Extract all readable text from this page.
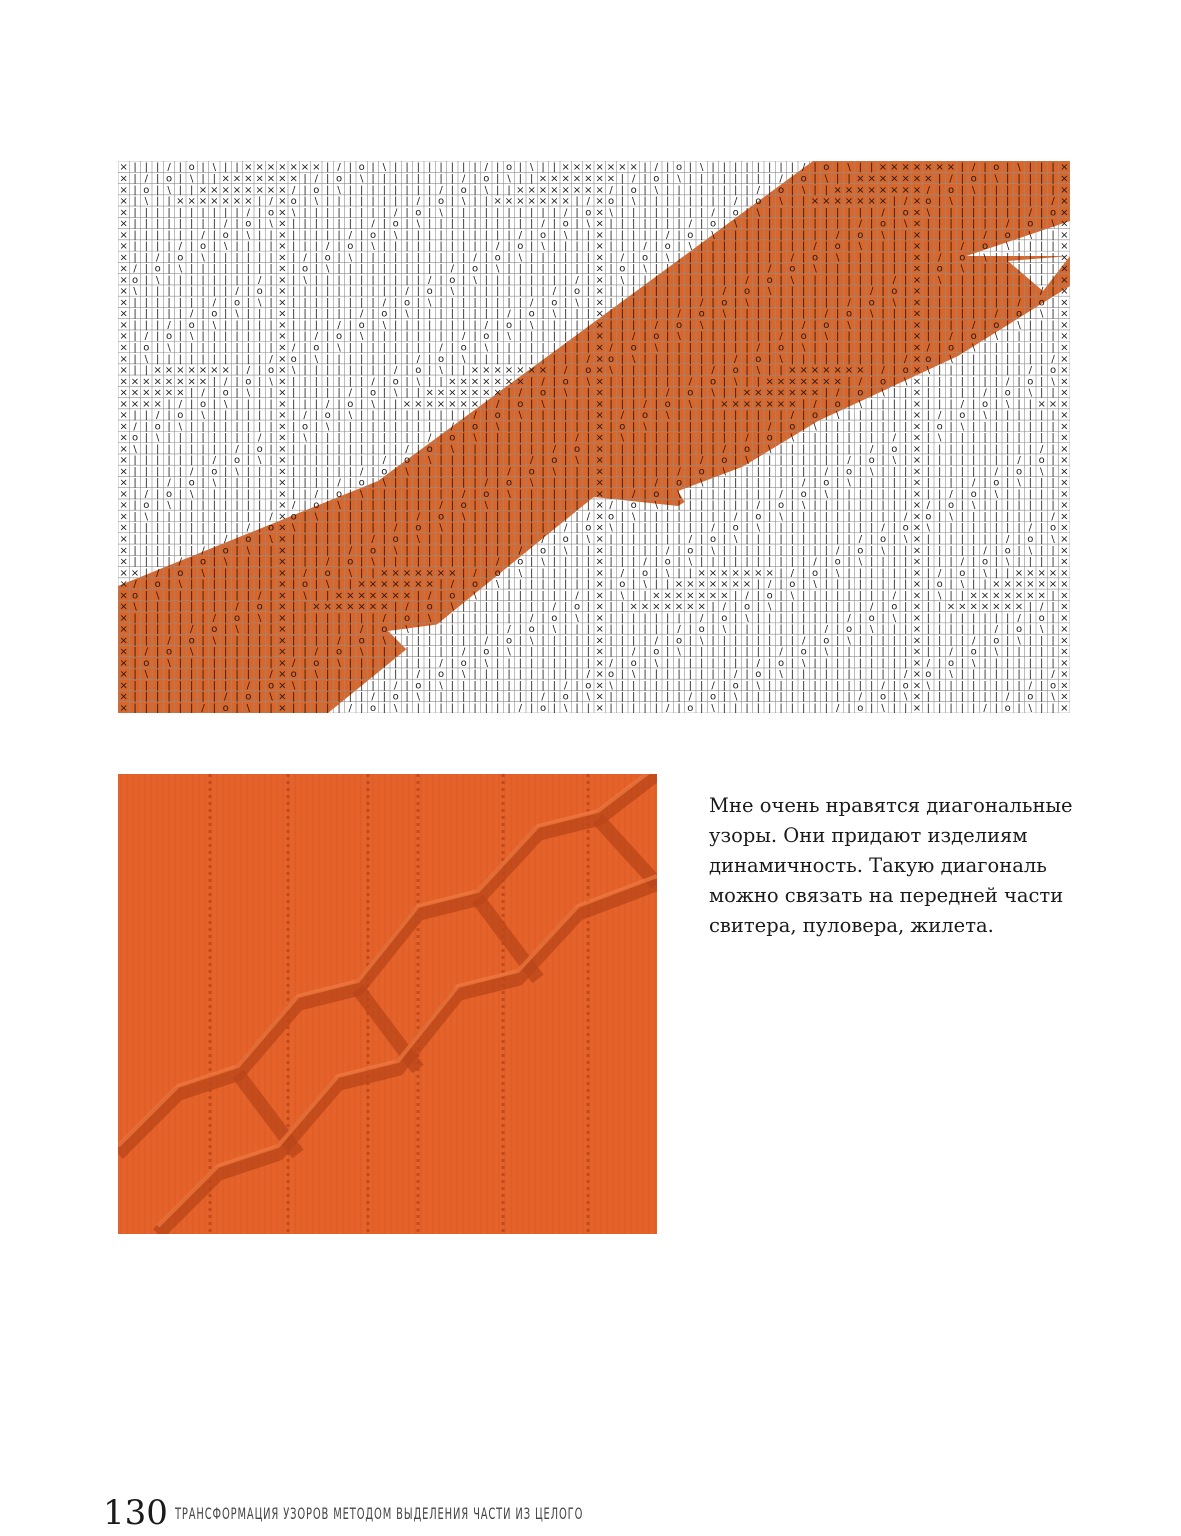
× | | | / | o | \ | | × × × × × × × | / | o | \ | | | | | | | | / | o | \ | | × × × × × × × | / | o | \ | | | | | | | | / | o | \ | | × × × × × × × | / | o | \ | | | ×
× | / | o | \ | | × × × × × × × | / | o | \ | | | | | | | | / | o | \ | | × × × × × × × | / | o | \ | | | | | | | | / | o | \ | | × × × × × × × | / | o | \ | | | | | ×
× | o | \ | | × × × × × × × × / | o | \ | | | | | | | | / | o | \ | | × × × × × × × × / | o | \ | | | | | | | | / | o | \ | | × × × × × × × × / | o | \ | | | | | | | ×
× | \ | | × × × × × × × | / × o | \ | | | | | | | | / | o | \ | | × × × × × × × | / × o | \ | | | | | | | | / | o | \ | | × × × × × × × | / × o | \ | | | | | | | | / ×
× | | | | | | | | | | / | o × \ | | | | | | | | / | o | \ | | | | | | | | | | / | o × \ | | | | | | | | / | o | \ | | | | | | | | | | / | o × \ | | | | | | | | / | o ×
× | | | | | | | | / | o | \ × | | | | | | | / | o | \ | | | | | | | | | | / | o | \ × | | | | | | | / | o | \ | | | | | | | | | | / | o | \ × | | | | | | | / | o | \ ×
× | | | | | | / | o | \ | | × | | | | | / | o | \ | | | | | | | | | | / | o | \ | | × | | | | | / | o | \ | | | | | | | | | | / | o | \ | | × | | | | | / | o | \ | | ×
× | | | | / | o | \ | | | | × | | | / | o | \ | | | | | | | | | | / | o | \ | | | | × | | | / | o | \ | | | | | | | | | | / | o | \ | | | | × | | | / | o | \ | | | | ×
× | | / | o | \ | | | | | | × | / | o | \ | | | | | | | | | | / | o | \ | | | | | | × | / | o | \ | | | | | | | | | | / | o | \ | | | | | | × | / | o | \ | | | | | | ×
× / | o | \ | | | | | | | | × | o | \ | | | | | | | | | | / | o | \ | | | | | | | | × | o | \ | | | | | | | | | | / | o | \ | | | | | | | | × | o | \ | | | | | | | | ×
× o | \ | | | | | | | | / | × | \ | | | | | | | | | | / | o | \ | | | | | | | | / | × | \ | | | | | | | | | | / | o | \ | | | | | | | | / | × | \ | | | | | | | | | | ×
× \ | | | | | | | | / | o | × | | | | | | | | | | / | o | \ | | | | | | | | / | o | × | | | | | | | | | | / | o | \ | | | | | | | | / | o | × | | | | | | | | | | / | ×
× | | | | | | | / | o | \ | × | | | | | | | | / | o | \ | | | | | | | | / | o | \ | × | | | | | | | | / | o | \ | | | | | | | | / | o | \ | × | | | | | | | | / | o | ×
× | | | | | / | o | \ | | | × | | | | | | / | o | \ | | | | | | | | / | o | \ | | | × | | | | | | / | o | \ | | | | | | | | / | o | \ | | | × | | | | | | / | o | \ | ×
× | | | / | o | \ | | | | | × | | | | / | o | \ | | | | | | | | / | o | \ | | | | | × | | | | / | o | \ | | | | | | | | / | o | \ | | | | | × | | | | / | o | \ | | | ×
× | / | o | \ | | | | | | | × | | / | o | \ | | | | | | | | / | o | \ | | | | | | | × | | / | o | \ | | | | | | | | / | o | \ | | | | | | | × | | / | o | \ | | | | | ×
× | o | \ | | | | | | | | | × / | o | \ | | | | | | | | / | o | \ | | | | | | | | | × / | o | \ | | | | | | | | / | o | \ | | | | | | | | | × / | o | \ | | | | | | | ×
× | \ | | | | | | | | | | / × o | \ | | | | | | | | / | o | \ | | | | | | | | | | / × o | \ | | | | | | | | / | o | \ | | | | | | | | | | / × o | \ | | | | | | | | / ×
× | | × × × × × × × | / | o × \ | | | | | | | | / | o | \ | | × × × × × × × | / | o × \ | | | | | | | | / | o | \ | | × × × × × × × | / | o × \ | | | | | | | | / | o ×
× × × × × × × × | / | o | \ × | | | | | | | / | o | \ | | × × × × × × × | / | o | \ × | | | | | | | / | o | \ | | × × × × × × × | / | o | \ × | | | | | | | / | o | \ ×
× × × × × × | / | o | \ | | × | | | | | / | o | \ | | × × × × × × × | / | o | \ | | × | | | | | / | o | \ | | × × × × × × × | / | o | \ | | × | | | | | / | o | \ | | ×
× × × × | / | o | \ | | | | × | | | / | o | \ | | × × × × × × × | / | o | \ | | | | × | | | / | o | \ | | × × × × × × × | / | o | \ | | | | × | | | / | o | \ | | × × ×
× | | / | o | \ | | | | | | × | / | o | \ | | | | | | | | | | / | o | \ | | | | | | × | / | o | \ | | | | | | | | | | / | o | \ | | | | | | × | / | o | \ | | | | | | ×
× / | o | \ | | | | | | | | × | o | \ | | | | | | | | | | / | o | \ | | | | | | | | × | o | \ | | | | | | | | | | / | o | \ | | | | | | | | × | o | \ | | | | | | | | ×
× o | \ | | | | | | | | / | × | \ | | | | | | | | | | / | o | \ | | | | | | | | / | × | \ | | | | | | | | | | / | o | \ | | | | | | | | / | × | \ | | | | | | | | | | ×
× \ | | | | | | | | / | o | × | | | | | | | | | | / | o | \ | | | | | | | | / | o | × | | | | | | | | | | / | o | \ | | | | | | | | / | o | × | | | | | | | | | | / | ×
× | | | | | | | / | o | \ | × | | | | | | | | / | o | \ | | | | | | | | / | o | \ | × | | | | | | | | / | o | \ | | | | | | | | / | o | \ | × | | | | | | | | / | o | ×
× | | | | | / | o | \ | | | × | | | | | | / | o | \ | | | | | | | | / | o | \ | | | × | | | | | | / | o | \ | | | | | | | | / | o | \ | | | × | | | | | | / | o | \ | ×
× | | | / | o | \ | | | | | × | | | | / | o | \ | | | | | | | | / | o | \ | | | | | × | | | | / | o | \ | | | | | | | | / | o | \ | | | | | × | | | | / | o | \ | | | ×
× | / | o | \ | | | | | | | × | | / | o | \ | | | | | | | | / | o | \ | | | | | | | × | | / | o | \ | | | | | | | | / | o | \ | | | | | | | × | | / | o | \ | | | | | ×
× | o | \ | | | | | | | | | × / | o | \ | | | | | | | | / | o | \ | | | | | | | | | × / | o | \ | | | | | | | | / | o | \ | | | | | | | | | × / | o | \ | | | | | | | ×
× | \ | | | | | | | | | | / × o | \ | | | | | | | | / | o | \ | | | | | | | | | | / × o | \ | | | | | | | | / | o | \ | | | | | | | | | | / × o | \ | | | | | | | | / ×
× | | | | | | | | | | / | o × \ | | | | | | | | / | o | \ | | | | | | | | | | / | o × \ | | | | | | | | / | o | \ | | | | | | | | | | / | o × \ | | | | | | | | / | o ×
× | | | | | | | | / | o | \ × | | | | | | | / | o | \ | | | | | | | | | | / | o | \ × | | | | | | | / | o | \ | | | | | | | | | | / | o | \ × | | | | | | | / | o | \ ×
× | | | | | | / | o | \ | | × | | | | | / | o | \ | | | | | | | | | | / | o | \ | | × | | | | | / | o | \ | | | | | | | | | | / | o | \ | | × | | | | | / | o | \ | | ×
× | | | | / | o | \ | | | | × | | | / | o | \ | | | | | | | | | | / | o | \ | | | | × | | | / | o | \ | | | | | | | | | | / | o | \ | | | | × | | | / | o | \ | | | | ×
× × | / | o | \ | | | | | | × | / | o | \ | | × × × × × × × | / | o | \ | | | | | | × | / | o | \ | | × × × × × × × | / | o | \ | | | | | | × | / | o | \ | | × × × × ×
× / | o | \ | | | | | | | | × | o | \ | | × × × × × × × | / | o | \ | | | | | | | | × | o | \ | | × × × × × × × | / | o | \ | | | | | | | | × | o | \ | | × × × × × × ×
× o | \ | | | | | | | | / | × | \ | | × × × × × × × | / | o | \ | | | | | | | | / | × | \ | | × × × × × × × | / | o | \ | | | | | | | | / | × | \ | | × × × × × × × | ×
× \ | | | | | | | | / | o | × | | × × × × × × × | / | o | \ | | | | | | | | / | o | × | | × × × × × × × | / | o | \ | | | | | | | | / | o | × | | × × × × × × × | / | ×
× | | | | | | | / | o | \ | × | | | | | | | | / | o | \ | | | | | | | | / | o | \ | × | | | | | | | | / | o | \ | | | | | | | | / | o | \ | × | | | | | | | | / | o | ×
× | | | | | / | o | \ | | | × | | | | | | / | o | \ | | | | | | | | / | o | \ | | | × | | | | | | / | o | \ | | | | | | | | / | o | \ | | | × | | | | | | / | o | \ | ×
× | | | / | o | \ | | | | | × | | | | / | o | \ | | | | | | | | / | o | \ | | | | | × | | | | / | o | \ | | | | | | | | / | o | \ | | | | | × | | | | / | o | \ | | | ×
× | / | o | \ | | | | | | | × | | / | o | \ | | | | | | | | / | o | \ | | | | | | | × | | / | o | \ | | | | | | | | / | o | \ | | | | | | | × | | / | o | \ | | | | | ×
× | o | \ | | | | | | | | | × / | o | \ | | | | | | | | / | o | \ | | | | | | | | | × / | o | \ | | | | | | | | / | o | \ | | | | | | | | | × / | o | \ | | | | | | | ×
× | \ | | | | | | | | | | / × o | \ | | | | | | | | / | o | \ | | | | | | | | | | / × o | \ | | | | | | | | / | o | \ | | | | | | | | | | / × o | \ | | | | | | | | / ×
× | | | | | | | | | | / | o × \ | | | | | | | | / | o | \ | | | | | | | | | | / | o × \ | | | | | | | | / | o | \ | | | | | | | | | | / | o × \ | | | | | | | | / | o ×
× | | | | | | | | / | o | \ × | | | | | | | / | o | \ | | | | | | | | | | / | o | \ × | | | | | | | / | o | \ | | | | | | | | | | / | o | \ × | | | | | | | / | o | \ ×
× | | | | | | / | o | \ | | × | | | | | / | o | \ | | | | | | | | | | / | o | \ | | × | | | | | / | o | \ | | | | | | | | | | / | o | \ | | × | | | | | / | o | \ | | ×

Мне очень нравятся диагональные
узоры. Они придают изделиям
динамичность. Такую диагональ
можно связать на передней части
свитера, пуловера, жилета.

130 ТРАНСФОРМАЦИЯ УЗОРОВ МЕТОДОМ ВЫДЕЛЕНИЯ ЧАСТИ ИЗ ЦЕЛОГО
